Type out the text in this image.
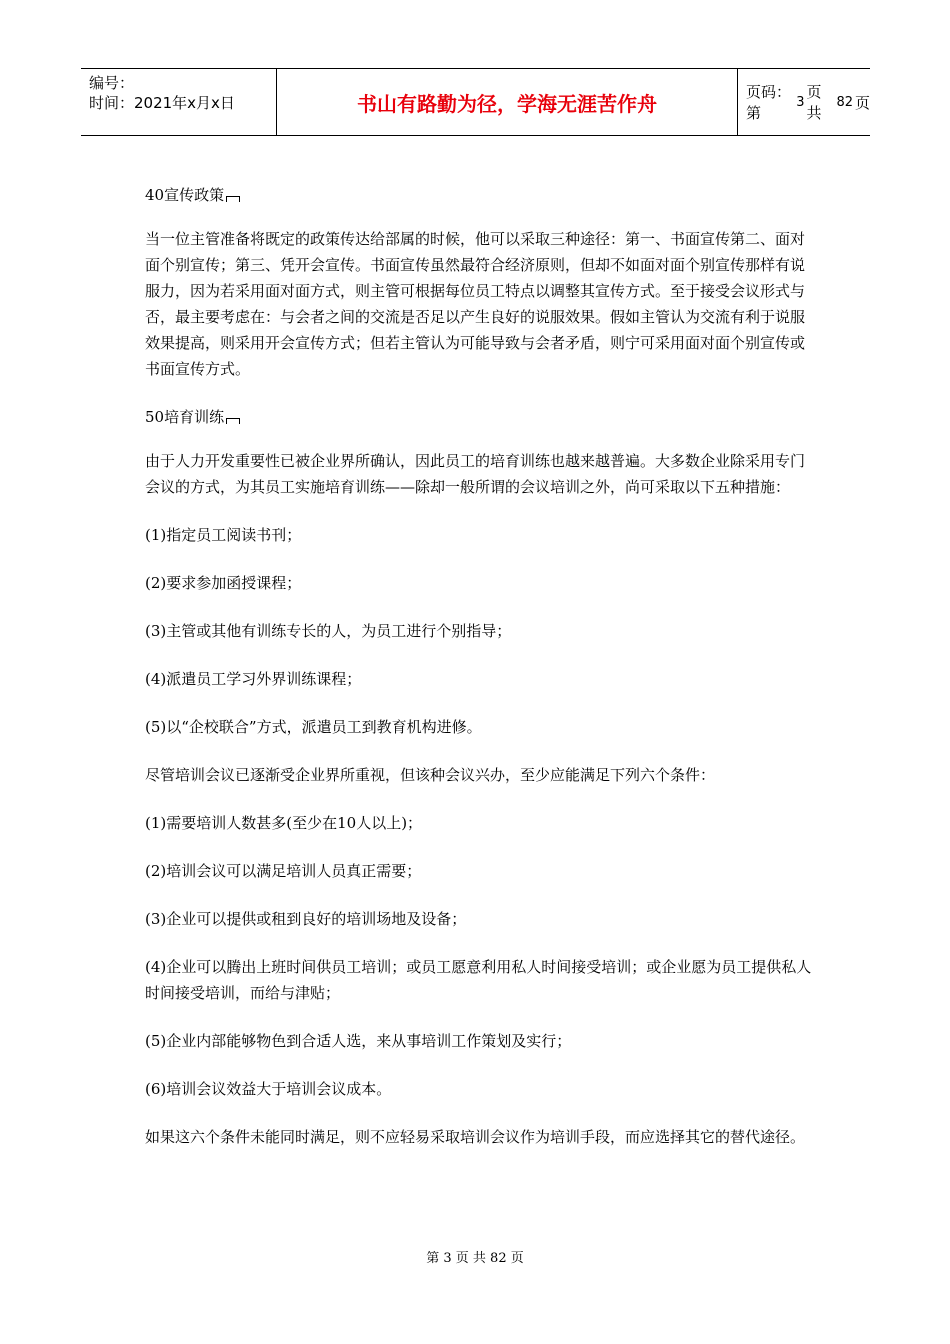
编号：
时间：2021年x月x日	书山有路勤为径，学海无涯苦作舟	页码：第
3
页 共
82 页

40宣传政策

当一位主管准备将既定的政策传达给部属的时候，他可以采取三种途径：第一、书面宣传第二、面对面个别宣传；第三、凭开会宣传。书面宣传虽然最符合经济原则，但却不如面对面个别宣传那样有说服力，因为若采用面对面方式，则主管可根据每位员工特点以调整其宣传方式。至于接受会议形式与否，最主要考虑在：与会者之间的交流是否足以产生良好的说服效果。假如主管认为交流有利于说服效果提高，则采用开会宣传方式；但若主管认为可能导致与会者矛盾，则宁可采用面对面个别宣传或书面宣传方式。

50培育训练

由于人力开发重要性已被企业界所确认，因此员工的培育训练也越来越普遍。大多数企业除采用专门会议的方式，为其员工实施培育训练——除却一般所谓的会议培训之外，尚可采取以下五种措施：

(1)指定员工阅读书刊；

(2)要求参加函授课程；

(3)主管或其他有训练专长的人，为员工进行个别指导；

(4)派遣员工学习外界训练课程；

(5)以“企校联合”方式，派遣员工到教育机构进修。

尽管培训会议已逐渐受企业界所重视，但该种会议兴办，至少应能满足下列六个条件：

(1)需要培训人数甚多(至少在10人以上)；

(2)培训会议可以满足培训人员真正需要；

(3)企业可以提供或租到良好的培训场地及设备；

(4)企业可以腾出上班时间供员工培训；或员工愿意利用私人时间接受培训；或企业愿为员工提供私人时间接受培训，而给与津贴；

(5)企业内部能够物色到合适人选，来从事培训工作策划及实行；

(6)培训会议效益大于培训会议成本。

如果这六个条件未能同时满足，则不应轻易采取培训会议作为培训手段，而应选择其它的替代途径。

第 3 页 共 82 页
